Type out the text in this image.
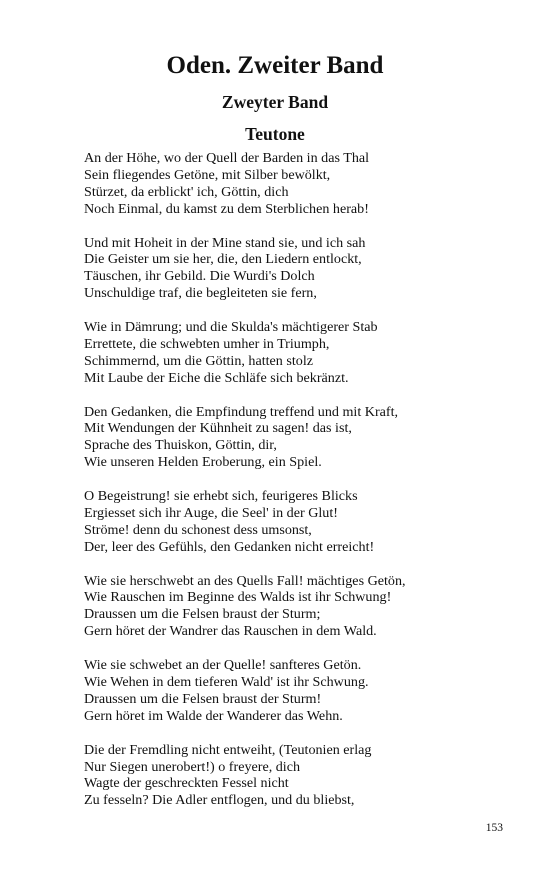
Oden. Zweiter Band
Zweyter Band
Teutone
An der Höhe, wo der Quell der Barden in das Thal
Sein fliegendes Getöne, mit Silber bewölkt,
Stürzet, da erblickt' ich, Göttin, dich
Noch Einmal, du kamst zu dem Sterblichen herab!
Und mit Hoheit in der Mine stand sie, und ich sah
Die Geister um sie her, die, den Liedern entlockt,
Täuschen, ihr Gebild. Die Wurdi's Dolch
Unschuldige traf, die begleiteten sie fern,
Wie in Dämrung; und die Skulda's mächtigerer Stab
Errettete, die schwebten umher in Triumph,
Schimmernd, um die Göttin, hatten stolz
Mit Laube der Eiche die Schläfe sich bekränzt.
Den Gedanken, die Empfindung treffend und mit Kraft,
Mit Wendungen der Kühnheit zu sagen! das ist,
Sprache des Thuiskon, Göttin, dir,
Wie unseren Helden Eroberung, ein Spiel.
O Begeistrung! sie erhebt sich, feurigeres Blicks
Ergiesset sich ihr Auge, die Seel' in der Glut!
Ströme! denn du schonest dess umsonst,
Der, leer des Gefühls, den Gedanken nicht erreicht!
Wie sie herschwebt an des Quells Fall! mächtiges Getön,
Wie Rauschen im Beginne des Walds ist ihr Schwung!
Draussen um die Felsen braust der Sturm;
Gern höret der Wandrer das Rauschen in dem Wald.
Wie sie schwebet an der Quelle! sanfteres Getön.
Wie Wehen in dem tieferen Wald' ist ihr Schwung.
Draussen um die Felsen braust der Sturm!
Gern höret im Walde der Wanderer das Wehn.
Die der Fremdling nicht entweiht, (Teutonien erlag
Nur Siegen unerobert!) o freyere, dich
Wagte der geschreckten Fessel nicht
Zu fesseln? Die Adler entflogen, und du bliebst,
153
